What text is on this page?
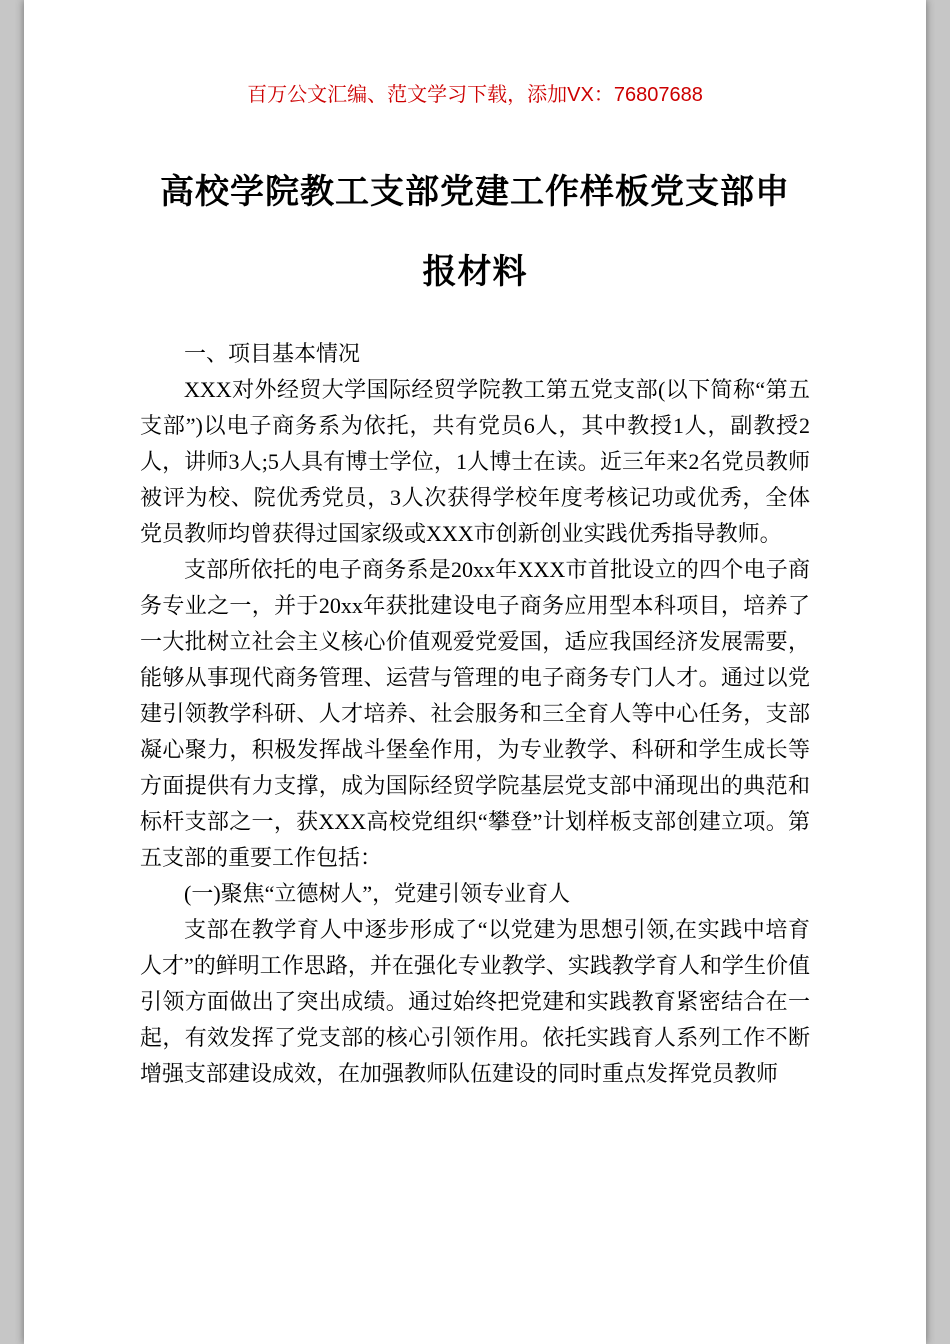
百万公文汇编、范文学习下载，添加VX：76807688
高校学院教工支部党建工作样板党支部申报材料

一、项目基本情况

XXX对外经贸大学国际经贸学院教工第五党支部(以下简称“第五支部”)以电子商务系为依托，共有党员6人，其中教授1人，副教授2人，讲师3人;5人具有博士学位，1人博士在读。近三年来2名党员教师被评为校、院优秀党员，3人次获得学校年度考核记功或优秀，全体党员教师均曾获得过国家级或XXX市创新创业实践优秀指导教师。

支部所依托的电子商务系是20xx年XXX市首批设立的四个电子商务专业之一，并于20xx年获批建设电子商务应用型本科项目，培养了一大批树立社会主义核心价值观爱党爱国，适应我国经济发展需要，能够从事现代商务管理、运营与管理的电子商务专门人才。通过以党建引领教学科研、人才培养、社会服务和三全育人等中心任务，支部凝心聚力，积极发挥战斗堡垒作用，为专业教学、科研和学生成长等方面提供有力支撑，成为国际经贸学院基层党支部中涌现出的典范和标杆支部之一，获XXX高校党组织“攀登”计划样板支部创建立项。第五支部的重要工作包括：

(一)聚焦“立德树人”，党建引领专业育人

支部在教学育人中逐步形成了“以党建为思想引领,在实践中培育人才”的鲜明工作思路，并在强化专业教学、实践教学育人和学生价值引领方面做出了突出成绩。通过始终把党建和实践教育紧密结合在一起，有效发挥了党支部的核心引领作用。依托实践育人系列工作不断增强支部建设成效，在加强教师队伍建设的同时重点发挥党员教师
